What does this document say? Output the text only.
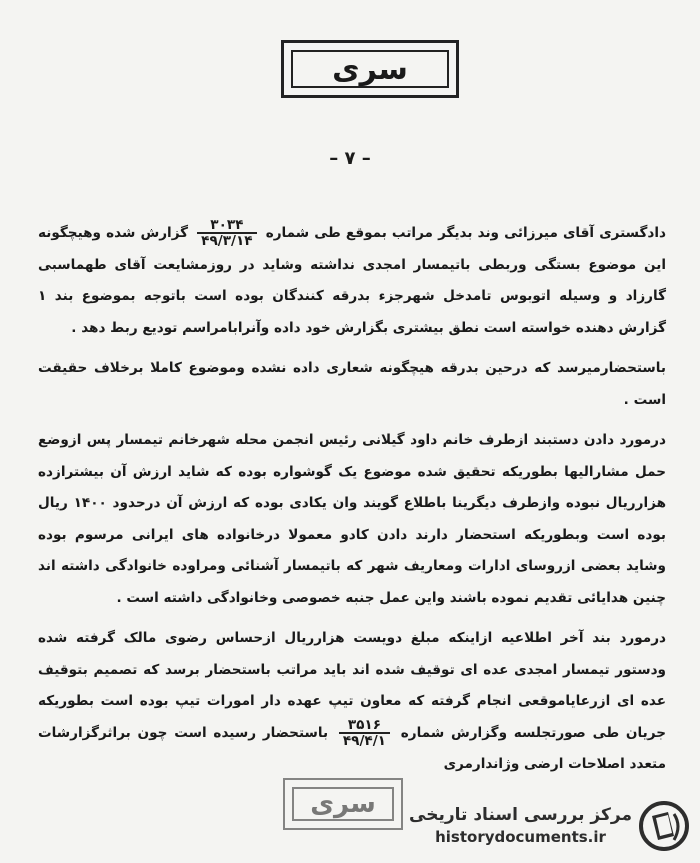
سری
– ۷ –

دادگستری آقای میرزائی وند بدیگر مراتب بموقع طی شماره
۳۰۳۴
۴۹/۳/۱۴
گزارش شده وهیچگونه این موضوع بستگی وربطی باتیمسار امجدی نداشته وشاید در روزمشایعت آقای طهماسبی گارزاد و وسیله اتوبوس تامدخل شهرجزء بدرقه کنندگان بوده است باتوجه بموضوع بند ۱ گزارش دهنده خواسته است نطق بیشتری بگزارش خود داده وآنرابامراسم تودیع ربط دهد .

باستحضارمیرسد که درحین بدرقه هیچگونه شعاری داده نشده وموضوع کاملا برخلاف حقیقت است .

درمورد دادن دستبند ازطرف خانم داود گیلانی رئیس انجمن محله شهرخانم تیمسار پس ازوضع حمل مشارالیها بطوریکه تحقیق شده موضوع یک گوشواره بوده که شاید ارزش آن بیشترازده هزارریال نبوده وازطرف دیگرینا باطلاع گویند وان یکادی بوده که ارزش آن درحدود ۱۴۰۰ ریال بوده است وبطوریکه استحضار دارند دادن کادو معمولا درخانواده های ایرانی مرسوم بوده وشاید بعضی ازروساى ادارات ومعاریف شهر که باتیمسار آشنائی ومراوده خانوادگی داشته اند چنین هدایائی تقدیم نموده باشند واین عمل جنبه خصوصی وخانوادگی داشته است .

درمورد بند آخر اطلاعیه ازاینکه مبلغ دویست هزارریال ازحساس رضوی مالک گرفته شده ودستور تیمسار امجدی عده ای توقیف شده اند باید مراتب باستحضار برسد که تصمیم بتوقیف عده ای ازرعایاموقعی انجام گرفته که معاون تیپ عهده دار امورات تیپ بوده است بطوریکه جریان طی صورتجلسه وگزارش شماره
۳۵۱۶
۴۹/۴/۱
باستحضار رسیده است چون براثرگزارشات متعدد اصلاحات ارضی وژاندارمری

سری	مرکز بررسی اسناد تاریخی
historydocuments.ir
